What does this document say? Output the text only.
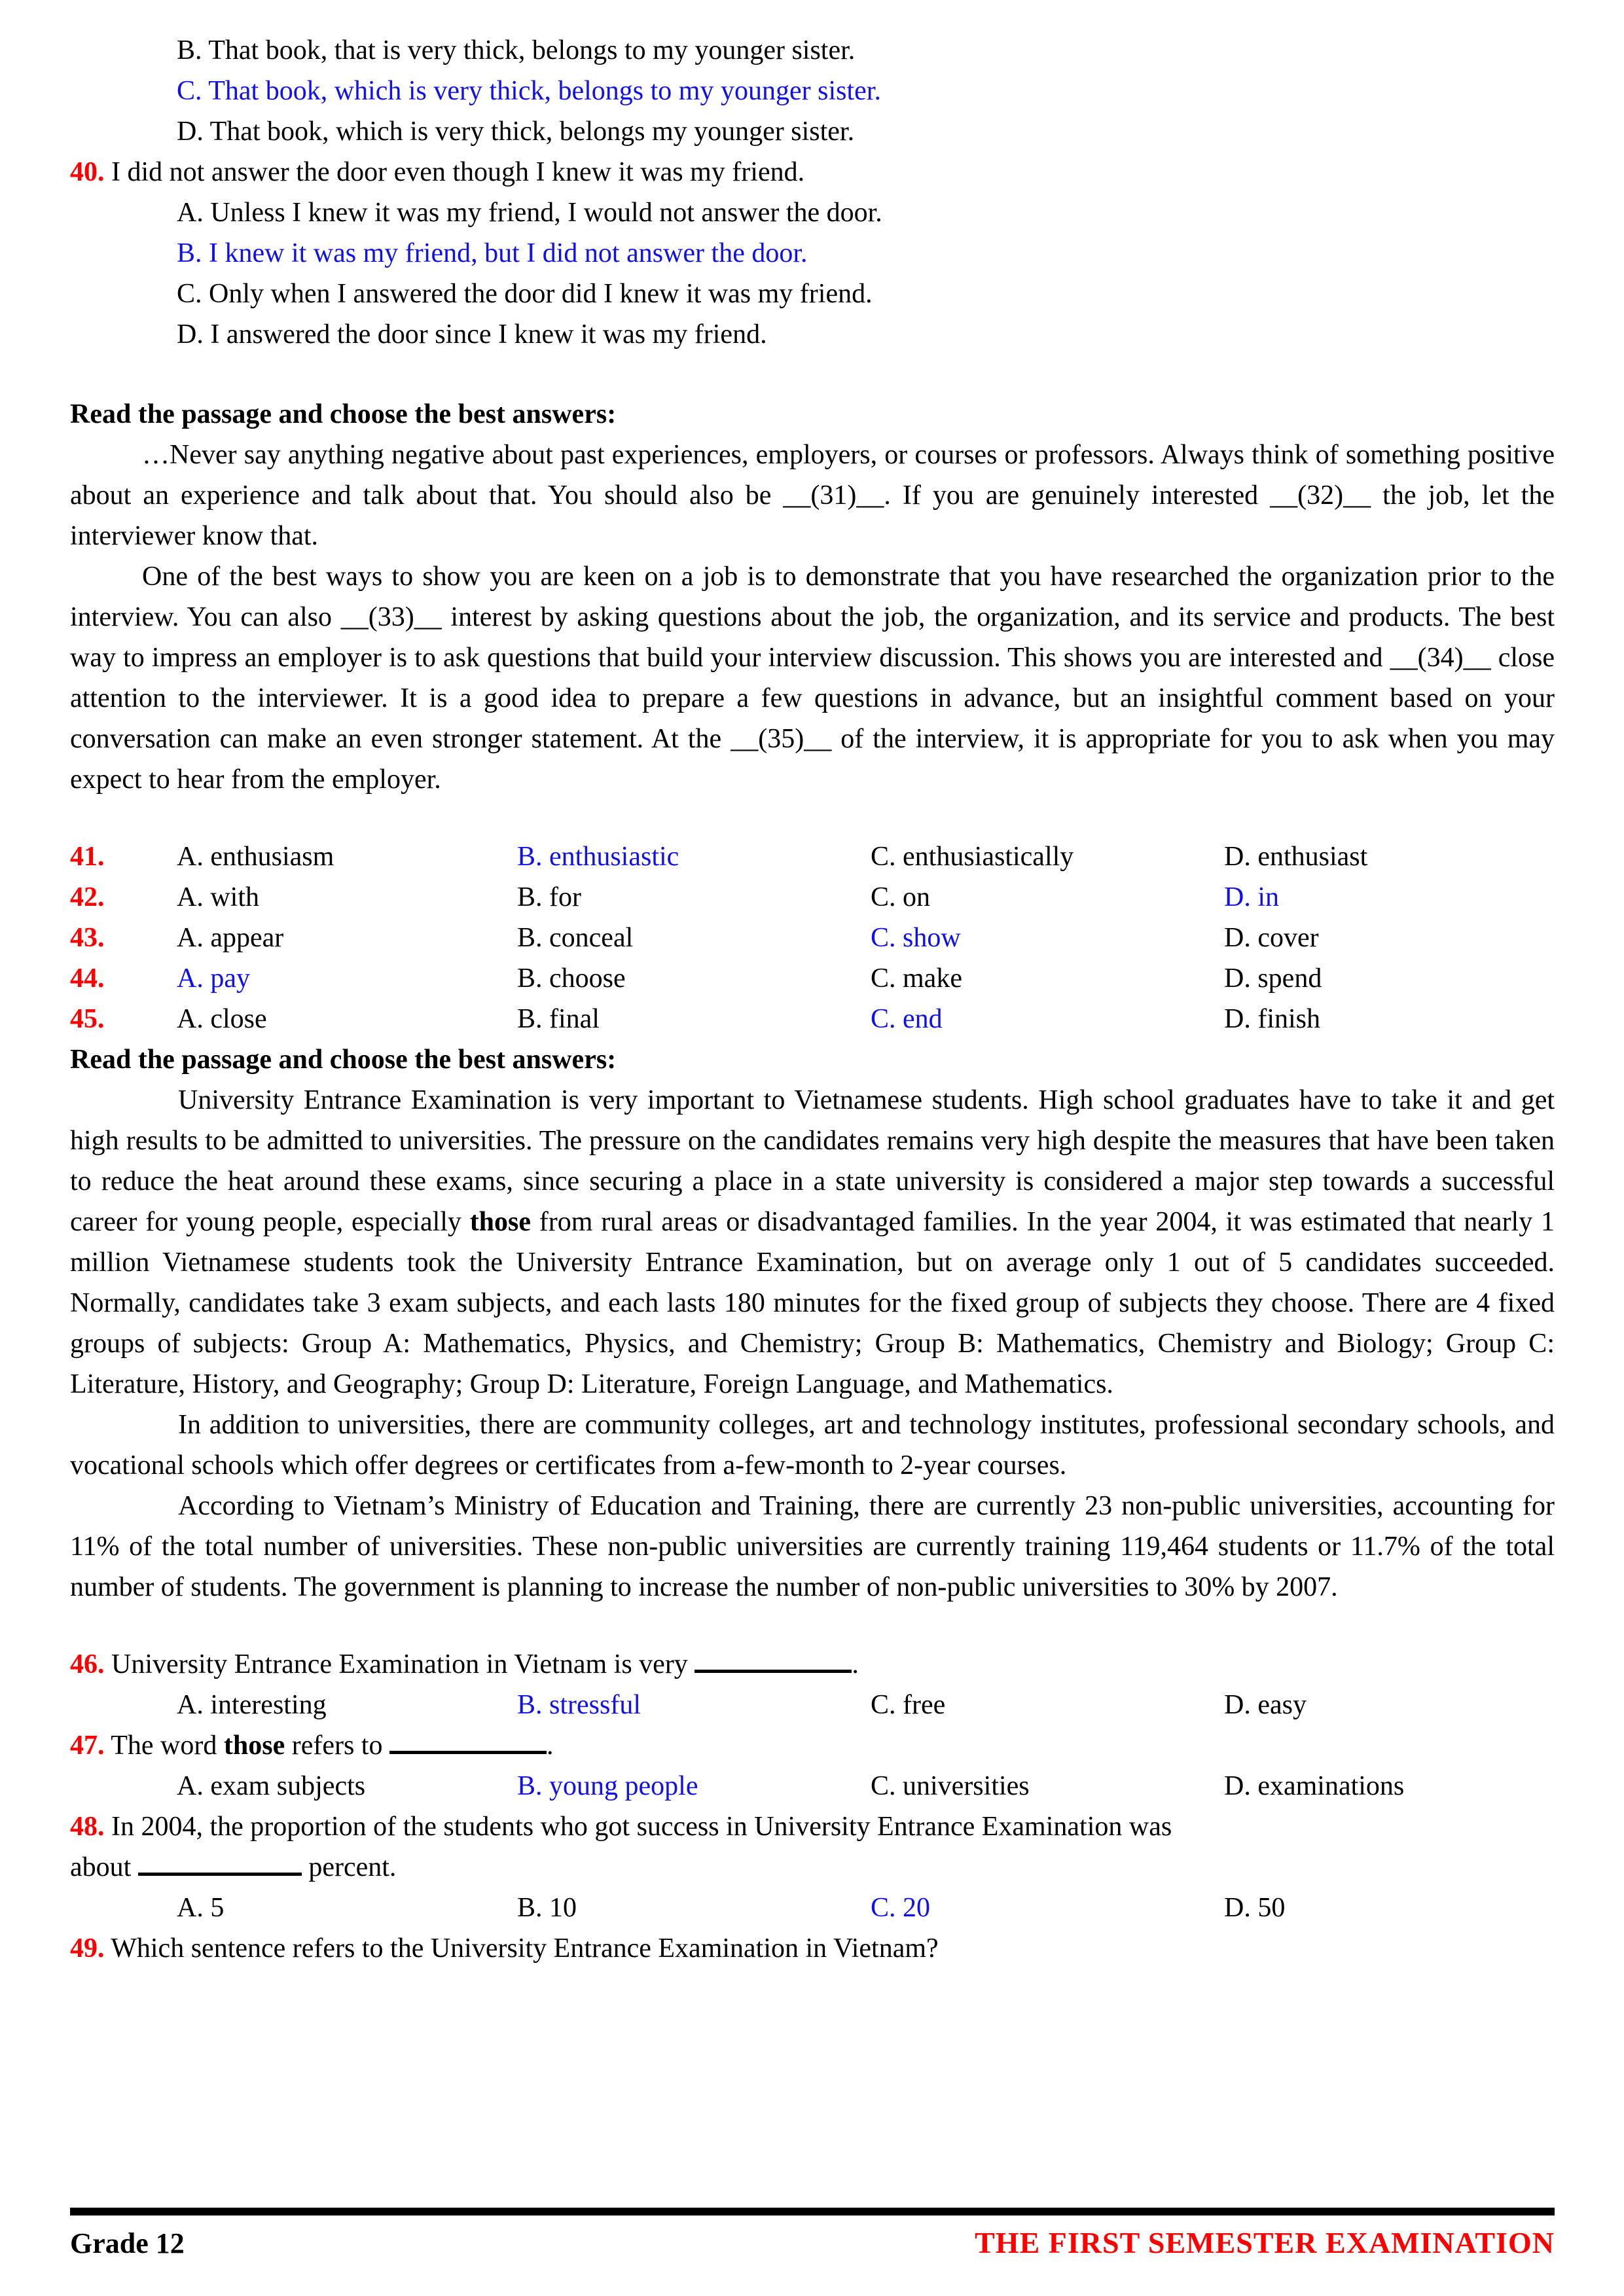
B. That book, that is very thick, belongs to my younger sister.
C. That book, which is very thick, belongs to my younger sister.
D. That book, which is very thick, belongs my younger sister.
40. I did not answer the door even though I knew it was my friend.
A. Unless I knew it was my friend, I would not answer the door.
B. I knew it was my friend, but I did not answer the door.
C. Only when I answered the door did I knew it was my friend.
D. I answered the door since I knew it was my friend.
Read the passage and choose the best answers:

…Never say anything negative about past experiences, employers, or courses or professors. Always think of something positive about an experience and talk about that. You should also be __(31)__. If you are genuinely interested __(32)__ the job, let the interviewer know that.

One of the best ways to show you are keen on a job is to demonstrate that you have researched the organization prior to the interview. You can also __(33)__ interest by asking questions about the job, the organization, and its service and products. The best way to impress an employer is to ask questions that build your interview discussion. This shows you are interested and __(34)__ close attention to the interviewer. It is a good idea to prepare a few questions in advance, but an insightful comment based on your conversation can make an even stronger statement. At the __(35)__ of the interview, it is appropriate for you to ask when you may expect to hear from the employer.

41.	A. enthusiasm	B. enthusiastic	C. enthusiastically	D. enthusiast
42.	A. with	B. for	C. on	D. in
43.	A. appear	B. conceal	C. show	D. cover
44.	A. pay	B. choose	C. make	D. spend
45.	A. close	B. final	C. end	D. finish
Read the passage and choose the best answers:

University Entrance Examination is very important to Vietnamese students. High school graduates have to take it and get high results to be admitted to universities. The pressure on the candidates remains very high despite the measures that have been taken to reduce the heat around these exams, since securing a place in a state university is considered a major step towards a successful career for young people, especially those from rural areas or disadvantaged families. In the year 2004, it was estimated that nearly 1 million Vietnamese students took the University Entrance Examination, but on average only 1 out of 5 candidates succeeded. Normally, candidates take 3 exam subjects, and each lasts 180 minutes for the fixed group of subjects they choose. There are 4 fixed groups of subjects: Group A: Mathematics, Physics, and Chemistry; Group B: Mathematics, Chemistry and Biology; Group C: Literature, History, and Geography; Group D: Literature, Foreign Language, and Mathematics.

In addition to universities, there are community colleges, art and technology institutes, professional secondary schools, and vocational schools which offer degrees or certificates from a-few-month to 2-year courses.

According to Vietnam’s Ministry of Education and Training, there are currently 23 non-public universities, accounting for 11% of the total number of universities. These non-public universities are currently training 119,464 students or 11.7% of the total number of students. The government is planning to increase the number of non-public universities to 30% by 2007.

46. University Entrance Examination in Vietnam is very	.
A. interesting	B. stressful	C. free	D. easy
47. The word those refers to	.
A. exam subjects	B. young people	C. universities	D. examinations
48. In 2004, the proportion of the students who got success in University Entrance Examination was
about	percent.
A. 5	B. 10	C. 20	D. 50
49. Which sentence refers to the University Entrance Examination in Vietnam?
Grade 12	THE FIRST SEMESTER EXAMINATION
